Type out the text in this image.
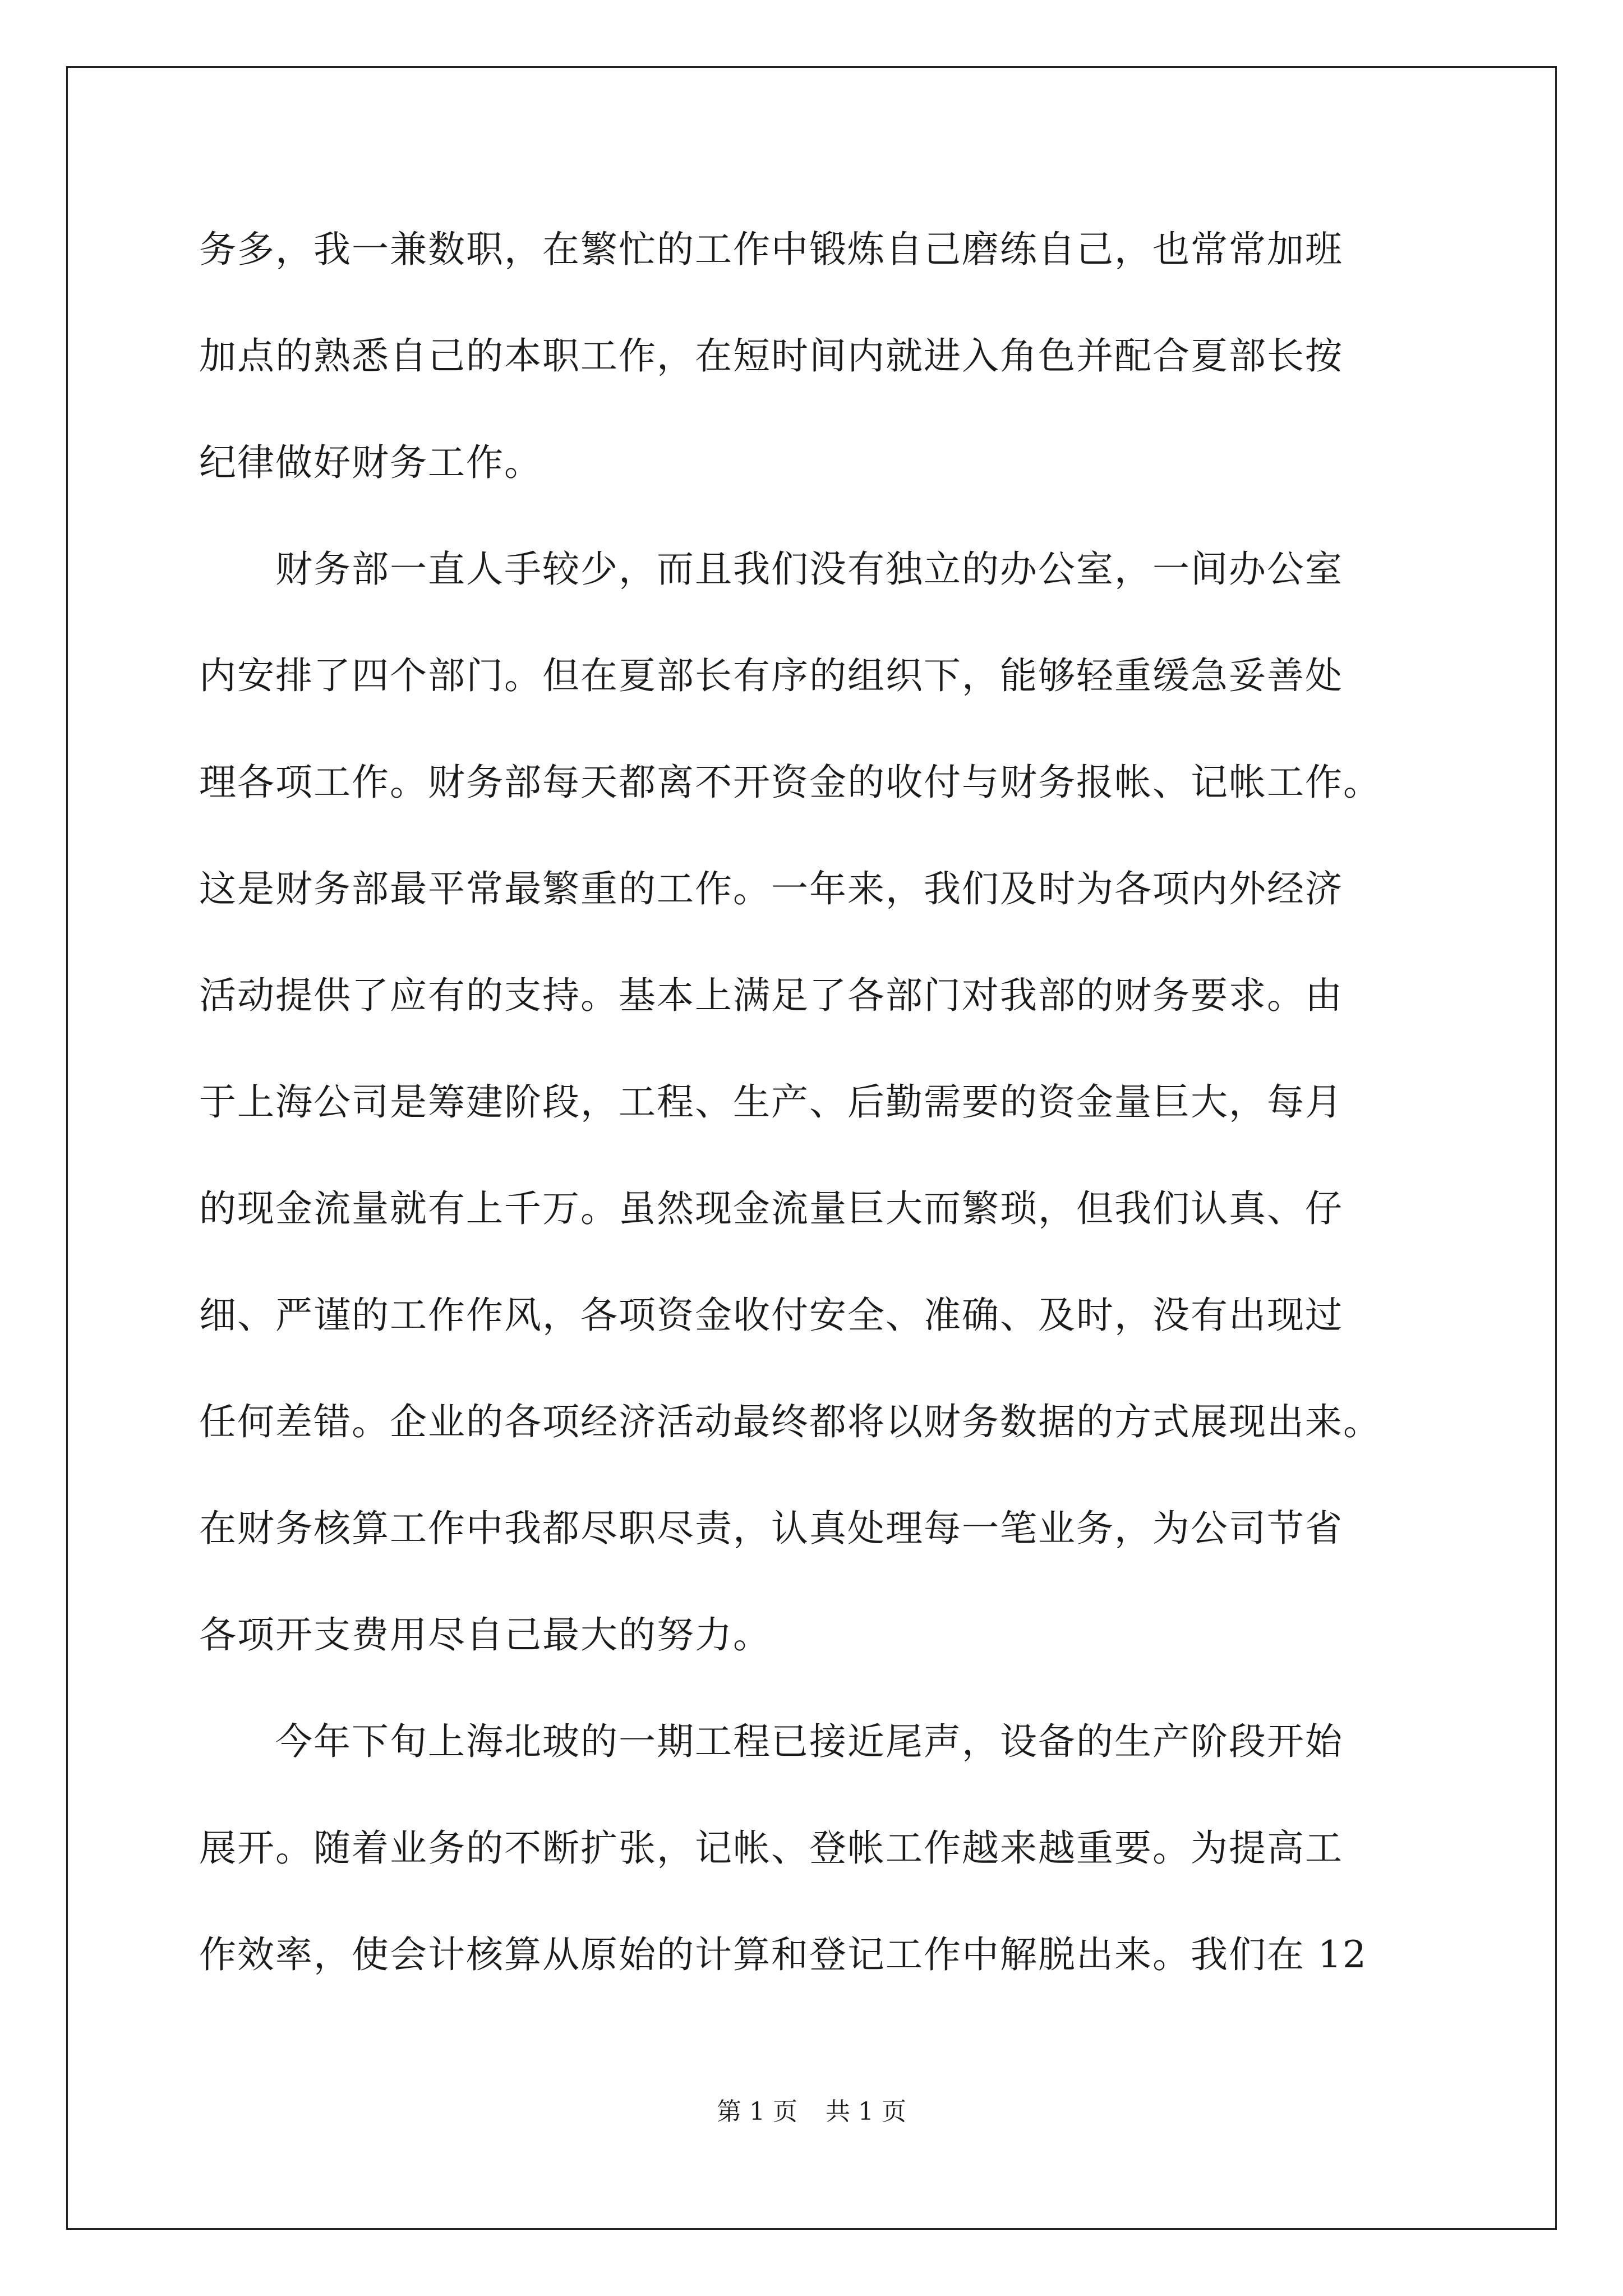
务多，我一兼数职，在繁忙的工作中锻炼自己磨练自己，也常常加班
加点的熟悉自己的本职工作，在短时间内就进入角色并配合夏部长按
纪律做好财务工作。
　　财务部一直人手较少，而且我们没有独立的办公室，一间办公室
内安排了四个部门。但在夏部长有序的组织下，能够轻重缓急妥善处
理各项工作。财务部每天都离不开资金的收付与财务报帐、记帐工作。
这是财务部最平常最繁重的工作。一年来，我们及时为各项内外经济
活动提供了应有的支持。基本上满足了各部门对我部的财务要求。由
于上海公司是筹建阶段，工程、生产、后勤需要的资金量巨大，每月
的现金流量就有上千万。虽然现金流量巨大而繁琐，但我们认真、仔
细、严谨的工作作风，各项资金收付安全、准确、及时，没有出现过
任何差错。企业的各项经济活动最终都将以财务数据的方式展现出来。
在财务核算工作中我都尽职尽责，认真处理每一笔业务，为公司节省
各项开支费用尽自己最大的努力。
　　今年下旬上海北玻的一期工程已接近尾声，设备的生产阶段开始
展开。随着业务的不断扩张，记帐、登帐工作越来越重要。为提高工
作效率，使会计核算从原始的计算和登记工作中解脱出来。我们在 12
第 1 页 共 1 页
